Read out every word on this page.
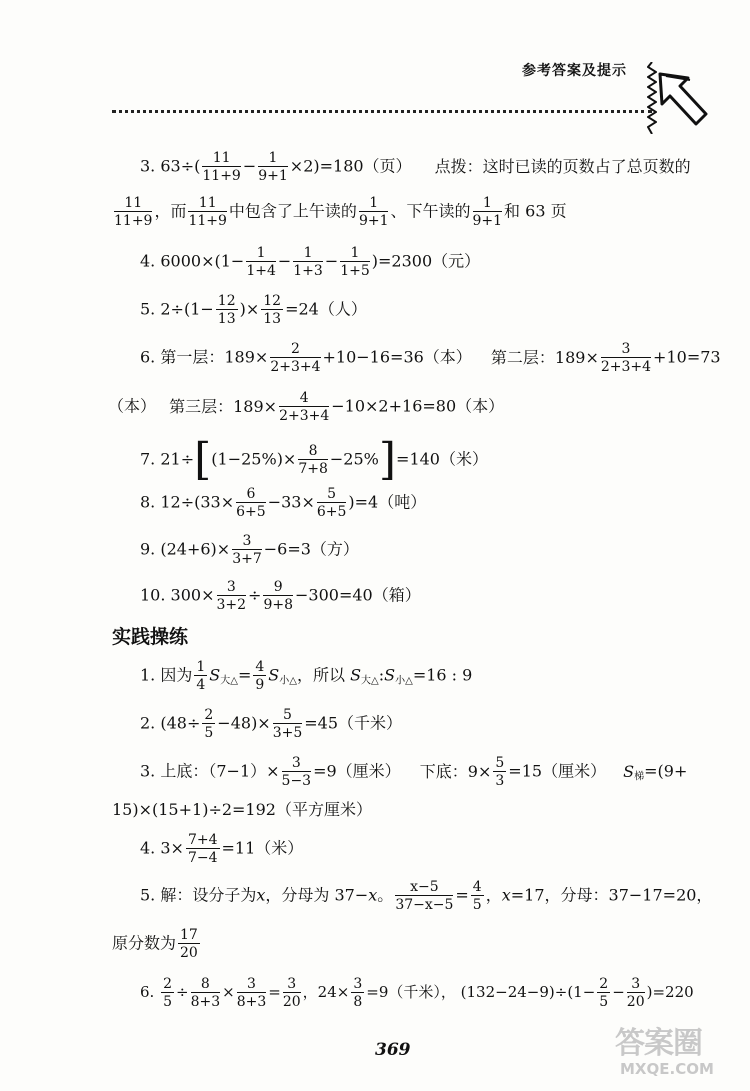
参考答案及提示
3. $63\div( \frac{11}{11+9} - \frac{1}{9+1} \times 2)=180$（页） 点拨：这时已读的页数占了总页数的
$\frac{11}{11+9}$ ，而 $\frac{11}{11+9}$ 中包含了上午读的 $\frac{1}{9+1}$ 、下午读的 $\frac{1}{9+1}$ 和 63 页
4. $6000\times(1- \frac{1}{1+4} - \frac{1}{1+3} - \frac{1}{1+5} )=2300$（元）
5. $2\div(1- \frac{12}{13}$ )× $\frac{12}{13} =24$（人）
6. 第一层：$189\times \frac{2}{2+3+4} +10-16=36$（本） 第二层：$189\times \frac{3}{2+3+4} +10=73$
（本） 第三层：$189\times \frac{4}{2+3+4} -10\times 2+16=80$（本）
7. $21\div[(1-25\%)\times \frac{8}{7+8} -25\%]=140$（米）
8. $12\div(33\times \frac{6}{6+5} -33\times \frac{5}{6+5} )=4$（吨）
9. $(24+6)\times \frac{3}{3+7} -6=3$（方）
10. $300\times \frac{3}{3+2} \div \frac{9}{9+8} -300=40$（箱）
实践操练
1. 因为 $\frac{1}{4} S_{大\triangle}= \frac{4}{9} S_{小\triangle}$，所以 $S_{大\triangle}:S_{小\triangle}=16$ : 9
2. $(48\div \frac{2}{5} -48)\times \frac{5}{3+5} =45$（千米）
3. 上底：$(7-1)\times \frac{3}{5-3} =9$（厘米） 下底：$9\times \frac{5}{3} =15$（厘米） $S_梯=(9+$
15)×(15+1)÷2=192（平方厘米）
4. $3\times \frac{7+4}{7-4} =11$（米）
5. 解：设分子为x，分母为 37−x。 $\frac{x-5}{37-x-5} = \frac{4}{5}$ ，x=17，分母：37−17=20，
原分数为 $\frac{17}{20}$
6. $\frac{2}{5} \div \frac{8}{8+3} \times \frac{3}{8+3} = \frac{3}{20}$ ，$24\times \frac{3}{8} =9$（千米）， $(132-24-9)\div(1- \frac{2}{5} - \frac{3}{20} )=220$
369	答案圈
MXQE.COM
